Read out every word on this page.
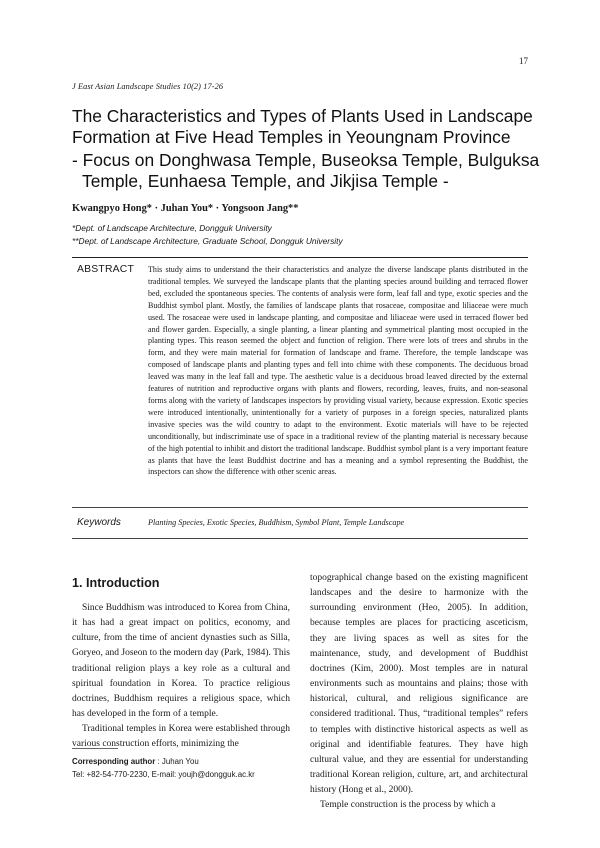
17
J East Asian Landscape Studies 10(2) 17-26
The Characteristics and Types of Plants Used in Landscape Formation at Five Head Temples in Yeoungnam Province
- Focus on Donghwasa Temple, Buseoksa Temple, Bulguksa
Temple, Eunhaesa Temple, and Jikjisa Temple -
Kwangpyo Hong* · Juhan You* · Yongsoon Jang**
*Dept. of Landscape Architecture, Dongguk University
**Dept. of Landscape Architecture, Graduate School, Dongguk University
ABSTRACT This study aims to understand the their characteristics and analyze the diverse landscape plants distributed in the traditional temples. We surveyed the landscape plants that the planting species around building and terraced flower bed, excluded the spontaneous species. The contents of analysis were form, leaf fall and type, exotic species and the Buddhist symbol plant. Mostly, the families of landscape plants that rosaceae, compositae and liliaceae were much used. The rosaceae were used in landscape planting, and compositae and liliaceae were used in terraced flower bed and flower garden. Especially, a single planting, a linear planting and symmetrical planting most occupied in the planting types. This reason seemed the object and function of religion. There were lots of trees and shrubs in the form, and they were main material for formation of landscape and frame. Therefore, the temple landscape was composed of landscape plants and planting types and fell into chime with these components. The deciduous broad leaved was many in the leaf fall and type. The aesthetic value is a deciduous broad leaved directed by the external features of nutrition and reproductive organs with plants and flowers, recording, leaves, fruits, and non-seasonal forms along with the variety of landscapes inspectors by providing visual variety, because expression. Exotic species were introduced intentionally, unintentionally for a variety of purposes in a foreign species, naturalized plants invasive species was the wild country to adapt to the environment. Exotic materials will have to be rejected unconditionally, but indiscriminate use of space in a traditional review of the planting material is necessary because of the high potential to inhibit and distort the traditional landscape. Buddhist symbol plant is a very important feature as plants that have the least Buddhist doctrine and has a meaning and a symbol representing the Buddhist, the inspectors can show the difference with other scenic areas.
Keywords	Planting Species, Exotic Species, Buddhism, Symbol Plant, Temple Landscape
1. Introduction

Since Buddhism was introduced to Korea from China, it has had a great impact on politics, economy, and culture, from the time of ancient dynasties such as Silla, Goryeo, and Joseon to the modern day (Park, 1984). This traditional religion plays a key role as a cultural and spiritual foundation in Korea. To practice religious doctrines, Buddhism requires a religious space, which has developed in the form of a temple.

Traditional temples in Korea were established through various construction efforts, minimizing the

topographical change based on the existing magnificent landscapes and the desire to harmonize with the surrounding environment (Heo, 2005). In addition, because temples are places for practicing asceticism, they are living spaces as well as sites for the maintenance, study, and development of Buddhist doctrines (Kim, 2000). Most temples are in natural environments such as mountains and plains; those with historical, cultural, and religious significance are considered traditional. Thus, “traditional temples” refers to temples with distinctive historical aspects as well as original and identifiable features. They have high cultural value, and they are essential for understanding traditional Korean religion, culture, art, and architectural history (Hong et al., 2000).

Temple construction is the process by which a

Corresponding author : Juhan You
Tel: +82-54-770-2230, E-mail: youjh@dongguk.ac.kr
